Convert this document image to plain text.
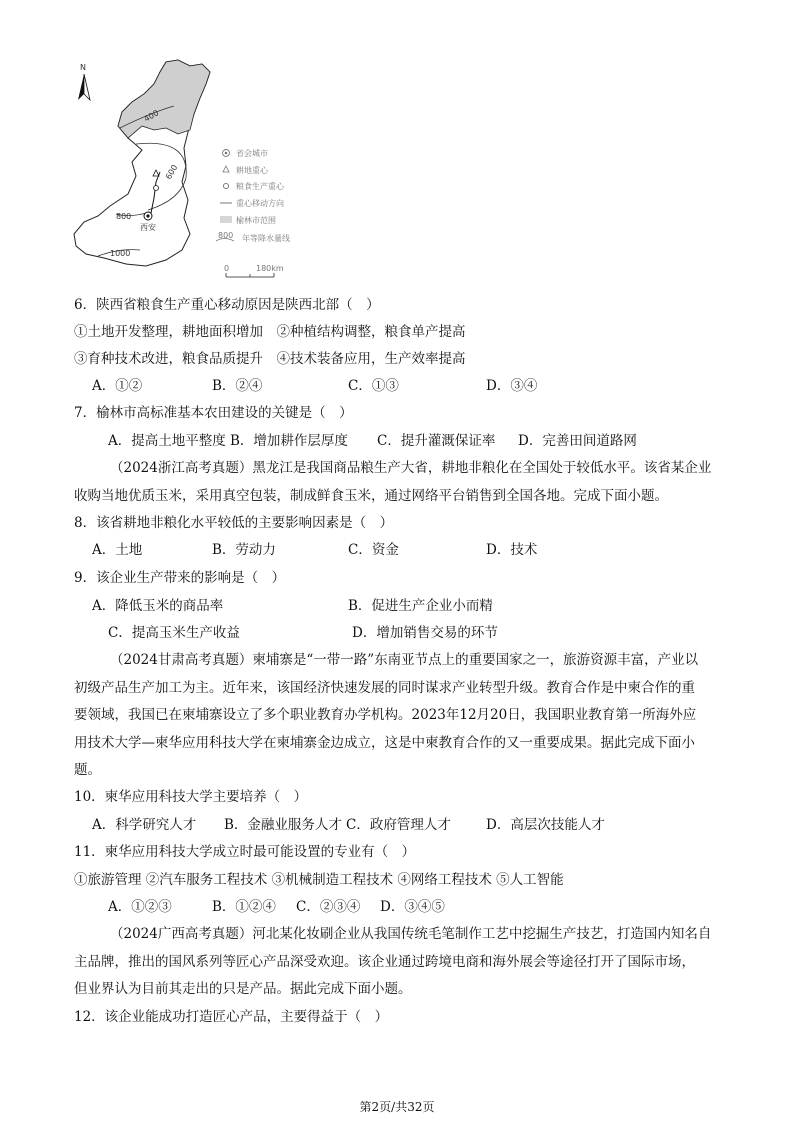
N
400
600
800
1000
西安
省会城市
耕地重心
粮食生产重心
重心移动方向
榆林市范围
800 年等降水量线
0	180km
6．陕西省粮食生产重心移动原因是陕西北部（　）
①土地开发整理，耕地面积增加　②种植结构调整，粮食单产提高
③育种技术改进，粮食品质提升　④技术装备应用，生产效率提高
A．①②	B．②④	C．①③	D．③④
7．榆林市高标准基本农田建设的关键是（　）
A．提高土地平整度 B．增加耕作层厚度 C．提升灌溉保证率 D．完善田间道路网
（2024浙江高考真题）黑龙江是我国商品粮生产大省，耕地非粮化在全国处于较低水平。该省某企业
收购当地优质玉米，采用真空包装，制成鲜食玉米，通过网络平台销售到全国各地。完成下面小题。
8．该省耕地非粮化水平较低的主要影响因素是（　）
A．土地	B．劳动力	C．资金	D．技术
9．该企业生产带来的影响是（　）
A．降低玉米的商品率	B．促进生产企业小而精
C．提高玉米生产收益	D．增加销售交易的环节
（2024甘肃高考真题）柬埔寨是“一带一路”东南亚节点上的重要国家之一，旅游资源丰富，产业以
初级产品生产加工为主。近年来，该国经济快速发展的同时谋求产业转型升级。教育合作是中柬合作的重
要领域，我国已在柬埔寨设立了多个职业教育办学机构。2023年12月20日，我国职业教育第一所海外应
用技术大学—柬华应用科技大学在柬埔寨金边成立，这是中柬教育合作的又一重要成果。据此完成下面小
题。
10．柬华应用科技大学主要培养（　）
A．科学研究人才 B．金融业服务人才 C．政府管理人才	D．高层次技能人才
11．柬华应用科技大学成立时最可能设置的专业有（　）
①旅游管理 ②汽车服务工程技术 ③机械制造工程技术 ④网络工程技术 ⑤人工智能
A．①②③	B．①②④ C．②③④ D．③④⑤
（2024广西高考真题）河北某化妆刷企业从我国传统毛笔制作工艺中挖掘生产技艺，打造国内知名自
主品牌，推出的国风系列等匠心产品深受欢迎。该企业通过跨境电商和海外展会等途径打开了国际市场，
但业界认为目前其走出的只是产品。据此完成下面小题。
12．该企业能成功打造匠心产品，主要得益于（　）
第2页/共32页
